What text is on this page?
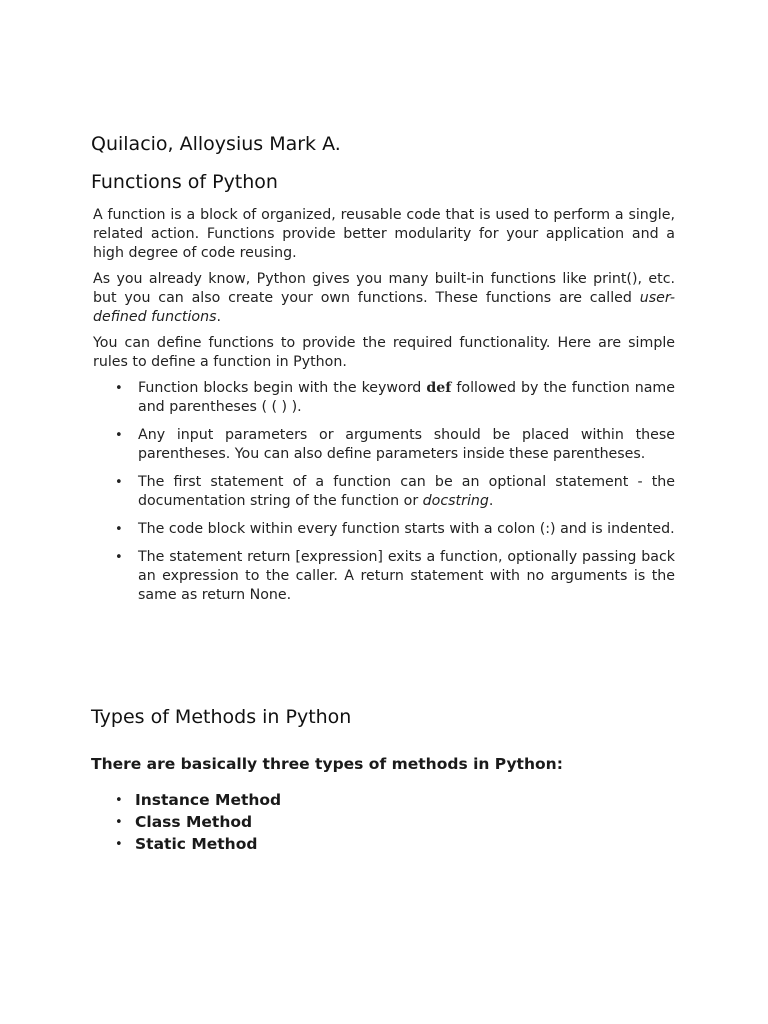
Quilacio, Alloysius Mark A.
Functions of Python

A function is a block of organized, reusable code that is used to perform a single, related action. Functions provide better modularity for your application and a high degree of code reusing.

As you already know, Python gives you many built-in functions like print(), etc. but you can also create your own functions. These functions are called user-defined functions.

You can define functions to provide the required functionality. Here are simple rules to define a function in Python.

• Function blocks begin with the keyword def followed by the function name and parentheses ( ( ) ).
• Any input parameters or arguments should be placed within these parentheses. You can also define parameters inside these parentheses.
• The first statement of a function can be an optional statement - the documentation string of the function or docstring.
• The code block within every function starts with a colon (:) and is indented.
• The statement return [expression] exits a function, optionally passing back an expression to the caller. A return statement with no arguments is the same as return None.
Types of Methods in Python

There are basically three types of methods in Python:

• Instance Method
• Class Method
• Static Method
